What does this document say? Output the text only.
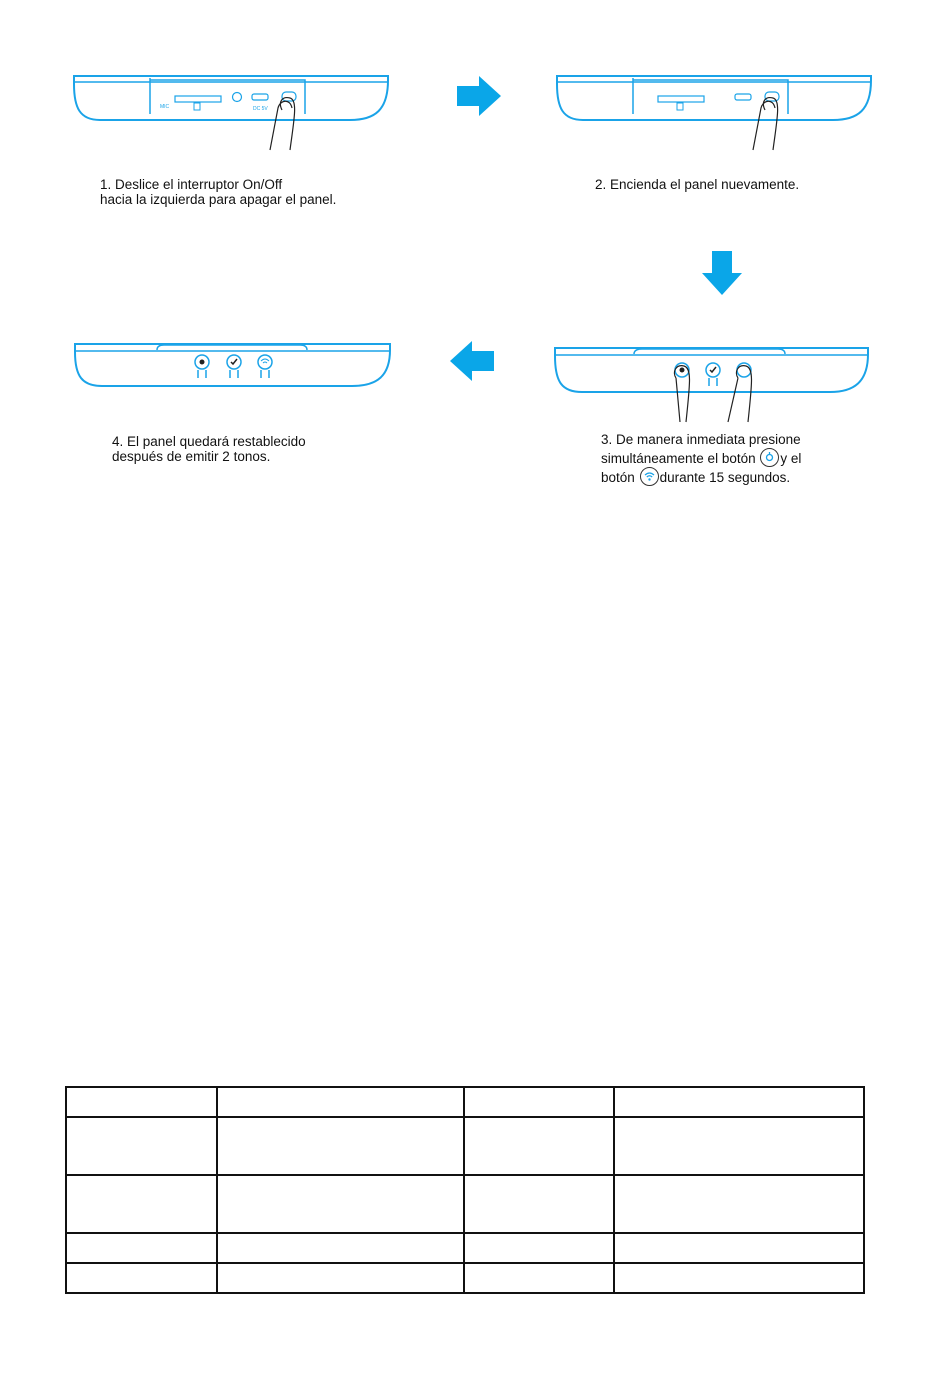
MIC	DC 5V
1. Deslice el interruptor On/Off
hacia la izquierda para apagar el panel.
2. Encienda el panel nuevamente.
4. El panel quedará restablecido
después de emitir 2 tonos.
3. De manera inmediata presione
simultáneamente el botón y el
botón durante 15 segundos.
